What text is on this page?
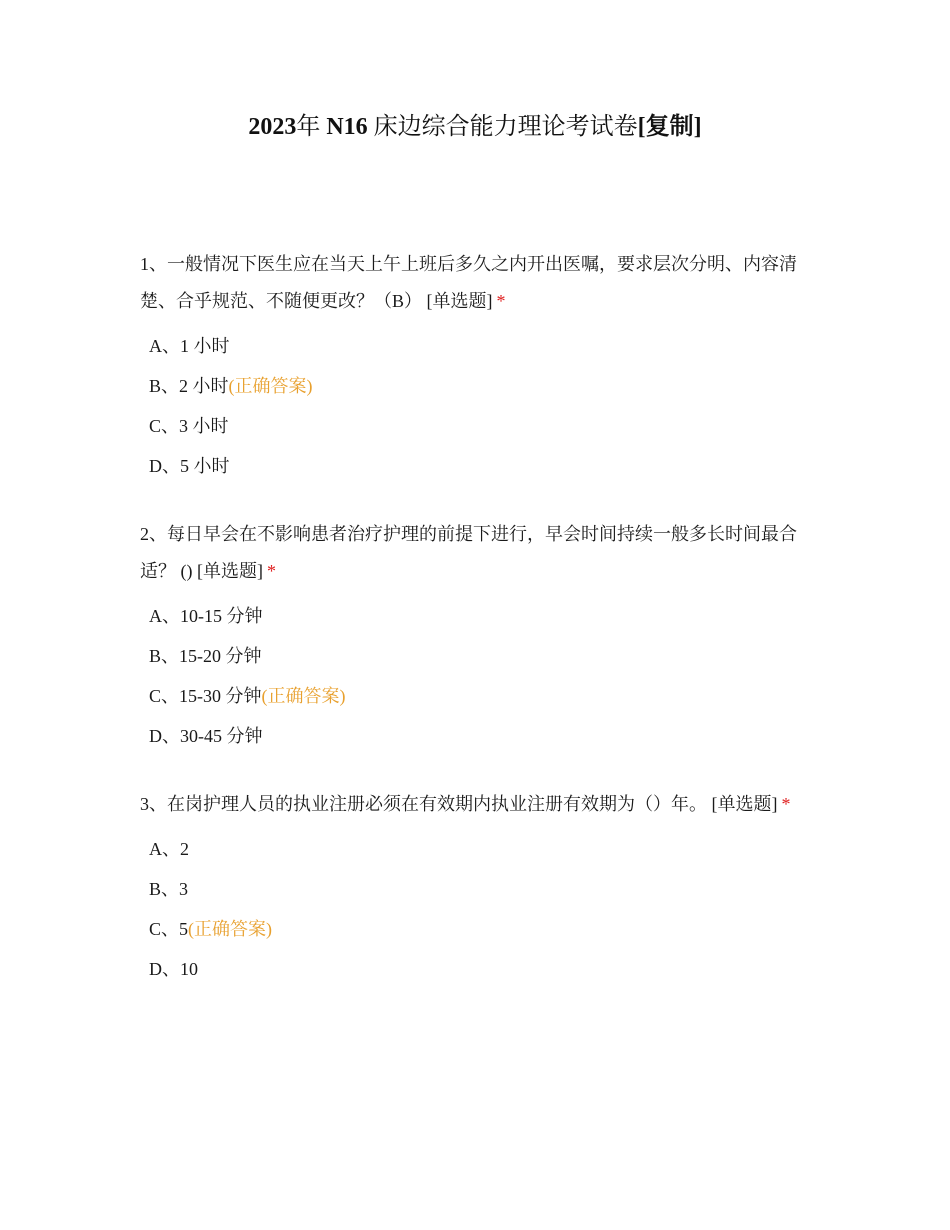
2023年 N16 床边综合能力理论考试卷[复制]

1、一般情况下医生应在当天上午上班后多久之内开出医嘱，要求层次分明、内容清楚、合乎规范、不随便更改？（B） [单选题] *

A、1 小时
B、2 小时(正确答案)
C、3 小时
D、5 小时

2、每日早会在不影响患者治疗护理的前提下进行，早会时间持续一般多长时间最合适？ () [单选题] *

A、10-15 分钟
B、15-20 分钟
C、15-30 分钟(正确答案)
D、30-45 分钟

3、在岗护理人员的执业注册必须在有效期内执业注册有效期为（）年。 [单选题] *

A、2
B、3
C、5(正确答案)
D、10
